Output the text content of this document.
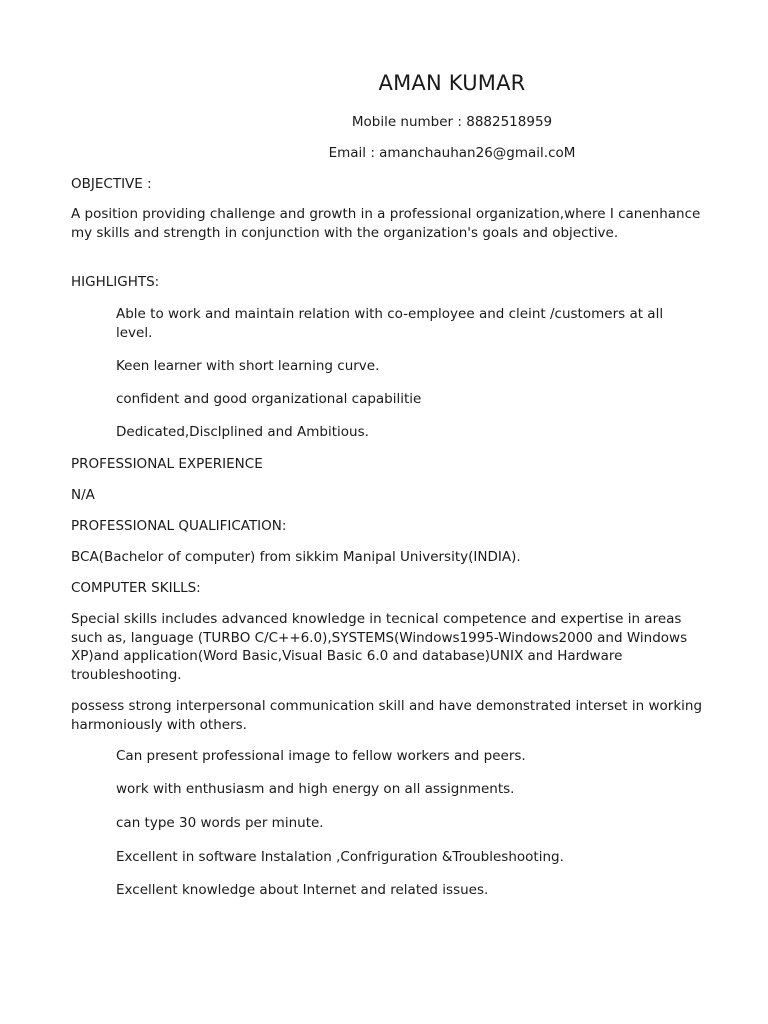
AMAN KUMAR
Mobile number : 8882518959
Email : amanchauhan26@gmail.coM

OBJECTIVE :

A position providing challenge and growth in a professional organization,where I canenhance my skills and strength in conjunction with the organization's goals and objective.

HIGHLIGHTS:

Able to work and maintain relation with co-employee and cleint /customers at all level.

Keen learner with short learning curve.

confident and good organizational capabilitie

Dedicated,Disclplined and Ambitious.

PROFESSIONAL EXPERIENCE

N/A

PROFESSIONAL QUALIFICATION:

BCA(Bachelor of computer) from sikkim Manipal University(INDIA).

COMPUTER SKILLS:

Special skills includes advanced knowledge in tecnical competence and expertise in areas such as, language (TURBO C/C++6.0),SYSTEMS(Windows1995-Windows2000 and Windows XP)and application(Word Basic,Visual Basic 6.0 and database)UNIX and Hardware troubleshooting.

possess strong interpersonal communication skill and have demonstrated interset in working harmoniously with others.

Can present professional image to fellow workers and peers.

work with enthusiasm and high energy on all assignments.

can type 30 words per minute.

Excellent in software Instalation ,Confriguration &Troubleshooting.

Excellent knowledge about Internet and related issues.
